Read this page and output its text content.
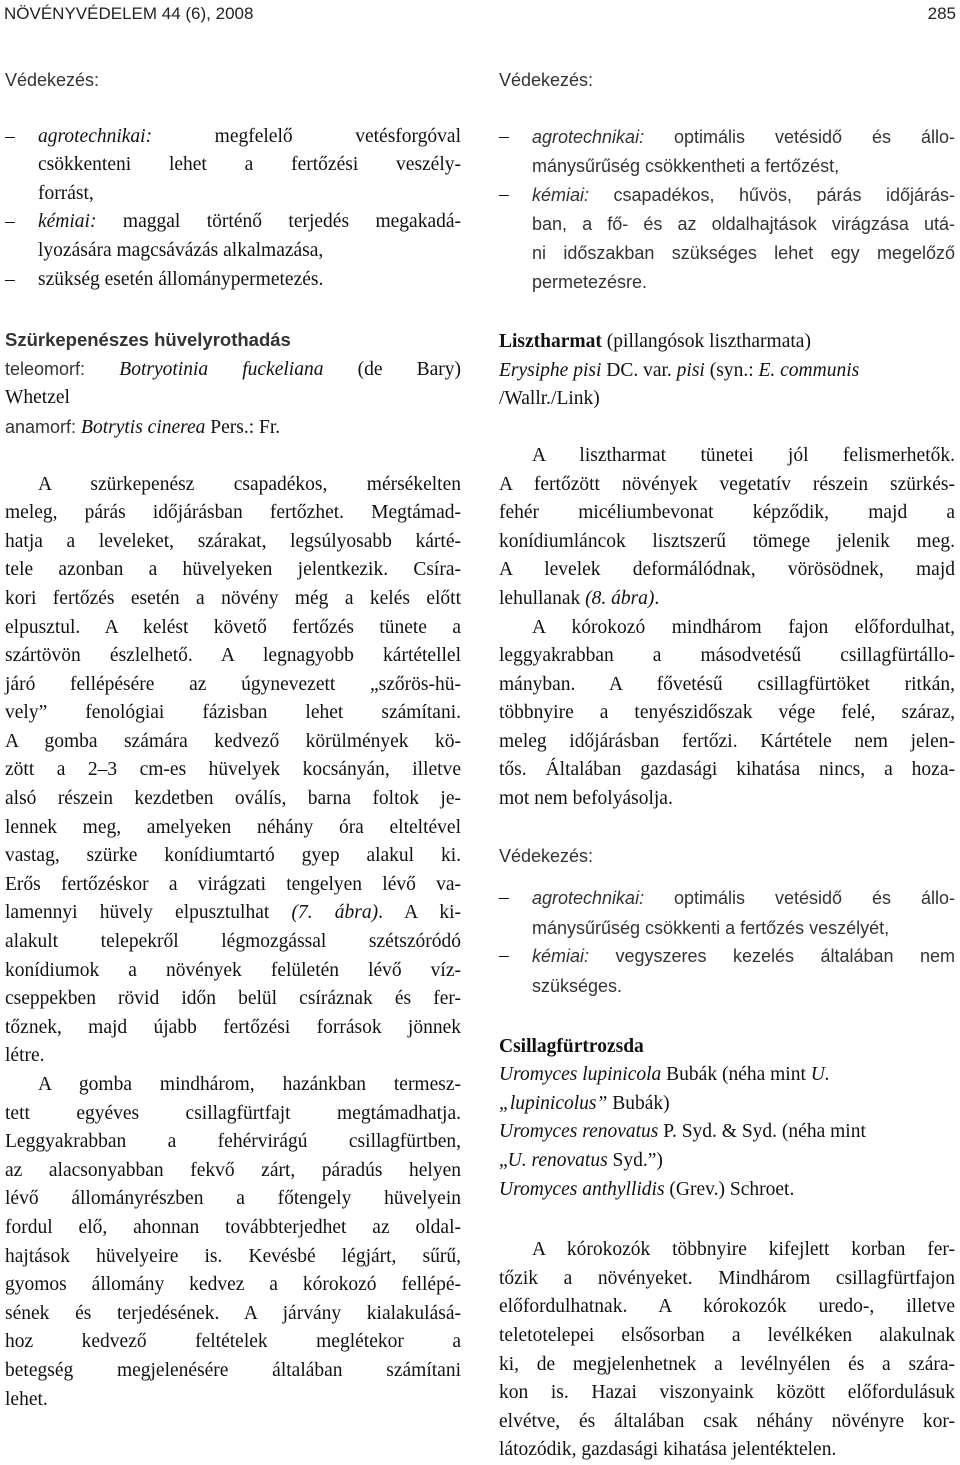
NÖVÉNYVÉDELEM 44 (6), 2008	285
Védekezés:
– agrotechnikai: megfelelő vetésforgóval
csökkenteni lehet a fertőzési veszély-
forrást,
– kémiai: maggal történő terjedés megakadá-
lyozására magcsávázás alkalmazása,
– szükség esetén állománypermetezés.
Szürkepenészes hüvelyrothadás
teleomorf: Botryotinia fuckeliana (de Bary)
Whetzel
anamorf: Botrytis cinerea Pers.: Fr.
A szürkepenész csapadékos, mérsékelten
meleg, párás időjárásban fertőzhet. Megtámad-
hatja a leveleket, szárakat, legsúlyosabb kárté-
tele azonban a hüvelyeken jelentkezik. Csíra-
kori fertőzés esetén a növény még a kelés előtt
elpusztul. A kelést követő fertőzés tünete a
szártövön észlelhető. A legnagyobb kártétellel
járó fellépésére az úgynevezett „szőrös-hü-
vely” fenológiai fázisban lehet számítani.
A gomba számára kedvező körülmények kö-
zött a 2–3 cm-es hüvelyek kocsányán, illetve
alsó részein kezdetben oválís, barna foltok je-
lennek meg, amelyeken néhány óra elteltével
vastag, szürke konídiumtartó gyep alakul ki.
Erős fertőzéskor a virágzati tengelyen lévő va-
lamennyi hüvely elpusztulhat (7. ábra). A ki-
alakult telepekről légmozgással szétszóródó
konídiumok a növények felületén lévő víz-
cseppekben rövid időn belül csíráznak és fer-
tőznek, majd újabb fertőzési források jönnek
létre.
A gomba mindhárom, hazánkban termesz-
tett egyéves csillagfürtfajt megtámadhatja.
Leggyakrabban a fehérvirágú csillagfürtben,
az alacsonyabban fekvő zárt, páradús helyen
lévő állományrészben a főtengely hüvelyein
fordul elő, ahonnan továbbterjedhet az oldal-
hajtások hüvelyeire is. Kevésbé légjárt, sűrű,
gyomos állomány kedvez a kórokozó fellépé-
sének és terjedésének. A járvány kialakulásá-
hoz kedvező feltételek meglétekor a
betegség megjelenésére általában számítani
lehet.
Védekezés:
– agrotechnikai: optimális vetésidő és állo-
mánysűrűség csökkentheti a fertőzést,
– kémiai: csapadékos, hűvös, párás időjárás-
ban, a fő- és az oldalhajtások virágzása utá-
ni időszakban szükséges lehet egy megelőző
permetezésre.
Lisztharmat (pillangósok lisztharmata)
Erysiphe pisi DC. var. pisi (syn.: E. communis
/Wallr./Link)
A lisztharmat tünetei jól felismerhetők.
A fertőzött növények vegetatív részein szürkés-
fehér micéliumbevonat képződik, majd a
konídiumláncok lisztszerű tömege jelenik meg.
A levelek deformálódnak, vörösödnek, majd
lehullanak (8. ábra).
A kórokozó mindhárom fajon előfordulhat,
leggyakrabban a másodvetésű csillagfürtállo-
mányban. A fővetésű csillagfürtöket ritkán,
többnyire a tenyészidőszak vége felé, száraz,
meleg időjárásban fertőzi. Kártétele nem jelen-
tős. Általában gazdasági kihatása nincs, a hoza-
mot nem befolyásolja.
Védekezés:
– agrotechnikai: optimális vetésidő és állo-
mánysűrűség csökkenti a fertőzés veszélyét,
– kémiai: vegyszeres kezelés általában nem
szükséges.
Csillagfürtrozsda
Uromyces lupinicola Bubák (néha mint U.
„lupinicolus” Bubák)
Uromyces renovatus P. Syd. & Syd. (néha mint
„U. renovatus Syd.”)
Uromyces anthyllidis (Grev.) Schroet.
A kórokozók többnyire kifejlett korban fer-
tőzik a növényeket. Mindhárom csillagfürtfajon
előfordulhatnak. A kórokozók uredo-, illetve
teletotelepei elsősorban a levélkéken alakulnak
ki, de megjelenhetnek a levélnyélen és a szára-
kon is. Hazai viszonyaink között előfordulásuk
elvétve, és általában csak néhány növényre kor-
látozódik, gazdasági kihatása jelentéktelen.
